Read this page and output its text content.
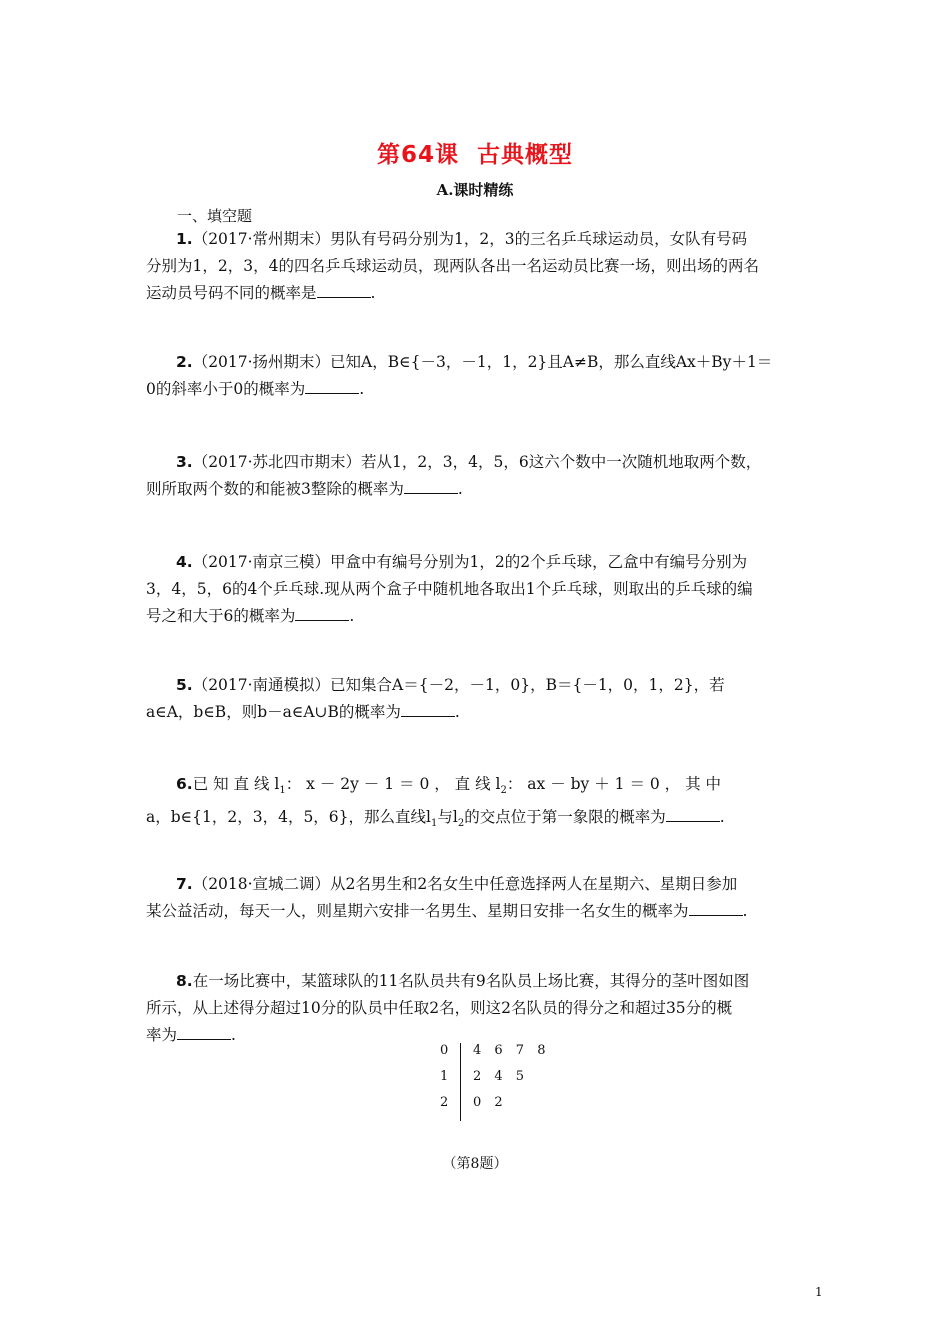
第64课 古典概型
A.课时精练
一、填空题
1.（2017·常州期末）男队有号码分别为1，2，3的三名乒乓球运动员，女队有号码
分别为1，2，3，4的四名乒乓球运动员，现两队各出一名运动员比赛一场，则出场的两名
运动员号码不同的概率是	.
2.（2017·扬州期末）已知A，B∈{－3，－1，1，2}且A≠B，那么直线Ax＋By＋1＝
0的斜率小于0的概率为	.
3.（2017·苏北四市期末）若从1，2，3，4，5，6这六个数中一次随机地取两个数，
则所取两个数的和能被3整除的概率为	.
4.（2017·南京三模）甲盒中有编号分别为1，2的2个乒乓球，乙盒中有编号分别为
3，4，5，6的4个乒乓球.现从两个盒子中随机地各取出1个乒乓球，则取出的乒乓球的编
号之和大于6的概率为	.
5.（2017·南通模拟）已知集合A＝{－2，－1，0}，B＝{－1，0，1，2}，若
a∈A，b∈B，则b－a∈A∪B的概率为	.
6.已 知 直 线 $l_1$： x － 2y － 1 ＝ 0 ， 直 线 $l_2$： ax － by ＋ 1 ＝ 0 ， 其 中
a，b∈{1，2，3，4，5，6}，那么直线$l_1$与$l_2$的交点位于第一象限的概率为	.
7.（2018·宣城二调）从2名男生和2名女生中任意选择两人在星期六、星期日参加
某公益活动，每天一人，则星期六安排一名男生、星期日安排一名女生的概率为	.
8.在一场比赛中，某篮球队的11名队员共有9名队员上场比赛，其得分的茎叶图如图
所示，从上述得分超过10分的队员中任取2名，则这2名队员的得分之和超过35分的概
率为	.
0 4 6 7 8
1 2 4 5
2 0 2
（第8题）
1
